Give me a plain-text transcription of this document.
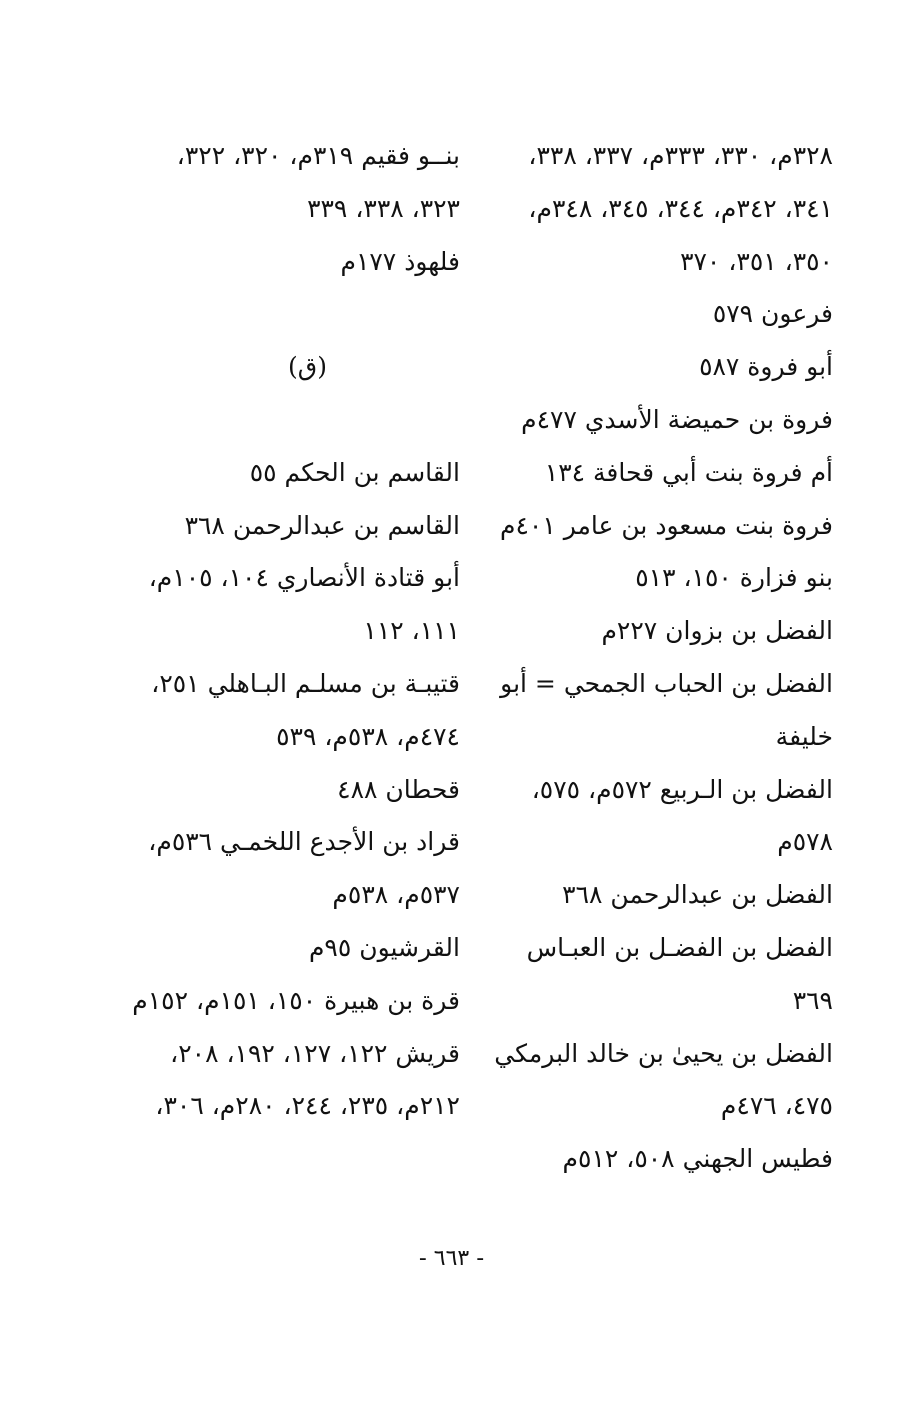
٣٢٨م، ٣٣٠، ٣٣٣م، ٣٣٧، ٣٣٨،
٣٤١، ٣٤٢م، ٣٤٤، ٣٤٥، ٣٤٨م،
٣٥٠، ٣٥١، ٣٧٠
فرعون ٥٧٩
أبو فروة ٥٨٧
فروة بن حميضة الأسدي ٤٧٧م
أم فروة بنت أبي قحافة ١٣٤
فروة بنت مسعود بن عامر ٤٠١م
بنو فزارة ١٥٠، ٥١٣
الفضل بن بزوان ٢٢٧م
الفضل بن الحباب الجمحي = أبو
خليفة
الفضل بن الـربيع ٥٧٢م، ٥٧٥،
٥٧٨م
الفضل بن عبدالرحمن ٣٦٨
الفضل بن الفضـل بن العبـاس
٣٦٩
الفضل بن يحيىٰ بن خالد البرمكي
٤٧٥، ٤٧٦م
فطيس الجهني ٥٠٨، ٥١٢م
بنــو فقيم ٣١٩م، ٣٢٠، ٣٢٢،
٣٢٣، ٣٣٨، ٣٣٩
فلهوذ ١٧٧م
(ق)
القاسم بن الحكم ٥٥
القاسم بن عبدالرحمن ٣٦٨
أبو قتادة الأنصاري ١٠٤، ١٠٥م،
١١١، ١١٢
قتيبـة بن مسلـم البـاهلي ٢٥١،
٤٧٤م، ٥٣٨م، ٥٣٩
قحطان ٤٨٨
قراد بن الأجدع اللخمـي ٥٣٦م،
٥٣٧م، ٥٣٨م
القرشيون ٩٥م
قرة بن هبيرة ١٥٠، ١٥١م، ١٥٢م
قريش ١٢٢، ١٢٧، ١٩٢، ٢٠٨،
٢١٢م، ٢٣٥، ٢٤٤، ٢٨٠م، ٣٠٦،
- ٦٦٣ -
